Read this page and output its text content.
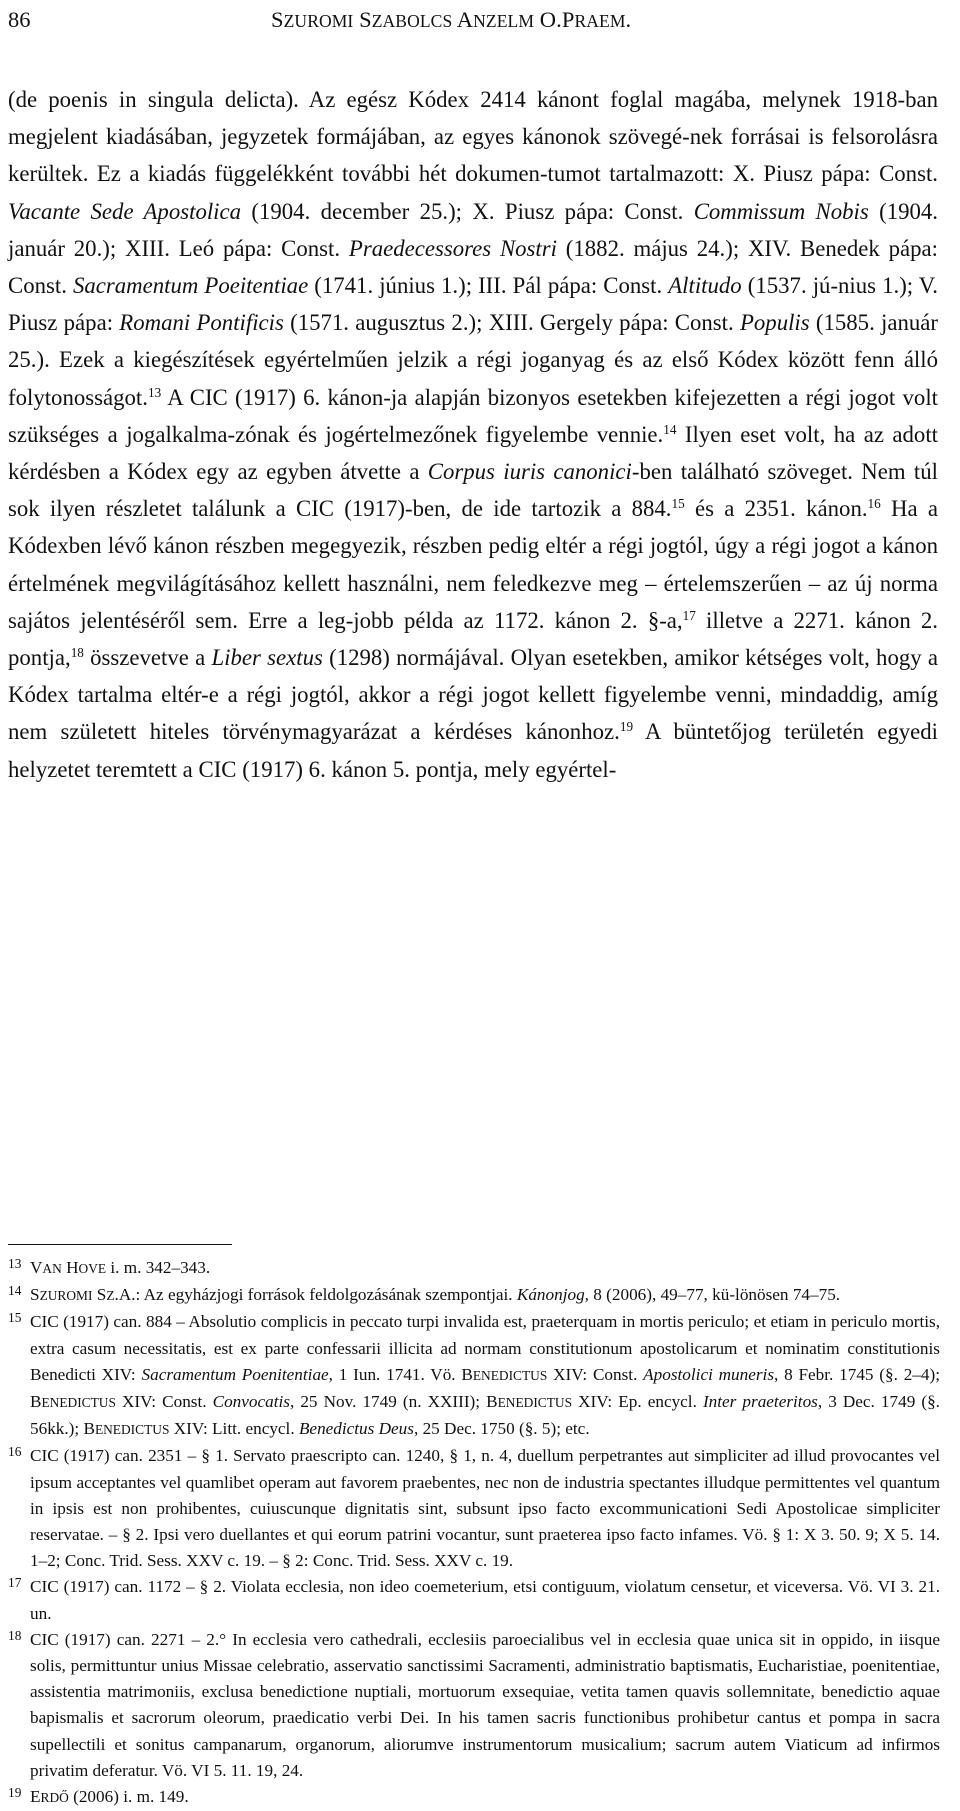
86	SZUROMI SZABOLCS ANZELM O.PRAEM.
(de poenis in singula delicta). Az egész Kódex 2414 kánont foglal magába, melynek 1918-ban megjelent kiadásában, jegyzetek formájában, az egyes kánonok szövegé-nek forrásai is felsorolásra kerültek. Ez a kiadás függelékként további hét dokumen-tumot tartalmazott: X. Piusz pápa: Const. Vacante Sede Apostolica (1904. december 25.); X. Piusz pápa: Const. Commissum Nobis (1904. január 20.); XIII. Leó pápa: Const. Praedecessores Nostri (1882. május 24.); XIV. Benedek pápa: Const. Sacramentum Poeitentiae (1741. június 1.); III. Pál pápa: Const. Altitudo (1537. jú-nius 1.); V. Piusz pápa: Romani Pontificis (1571. augusztus 2.); XIII. Gergely pápa: Const. Populis (1585. január 25.). Ezek a kiegészítések egyértelműen jelzik a régi joganyag és az első Kódex között fenn álló folytonosságot.$^{13}$ A CIC (1917) 6. kánon-ja alapján bizonyos esetekben kifejezetten a régi jogot volt szükséges a jogalkalma-zónak és jogértelmezőnek figyelembe vennie.$^{14}$ Ilyen eset volt, ha az adott kérdésben a Kódex egy az egyben átvette a Corpus iuris canonici-ben található szöveget. Nem túl sok ilyen részletet találunk a CIC (1917)-ben, de ide tartozik a 884.15 és a 2351. kánon.$^{16}$ Ha a Kódexben lévő kánon részben megegyezik, részben pedig eltér a régi jogtól, úgy a régi jogot a kánon értelmének megvilágításához kellett használni, nem feledkezve meg – értelemszerűen – az új norma sajátos jelentéséről sem. Erre a leg-jobb példa az 1172. kánon 2. §-a,$^{17}$ illetve a 2271. kánon 2. pontja,$^{18}$ összevetve a Liber sextus (1298) normájával. Olyan esetekben, amikor kétséges volt, hogy a Kódex tartalma eltér-e a régi jogtól, akkor a régi jogot kellett figyelembe venni, mindaddig, amíg nem született hiteles törvénymagyarázat a kérdéses kánonhoz.$^{19}$ A büntetőjog területén egyedi helyzetet teremtett a CIC (1917) 6. kánon 5. pontja, mely egyértel-

13 VAN HOVE i. m. 342–343.

14 SZUROMI SZ.A.: Az egyházjogi források feldolgozásának szempontjai. Kánonjog, 8 (2006), 49–77, kü-lönösen 74–75.

15 CIC (1917) can. 884 – Absolutio complicis in peccato turpi invalida est, praeterquam in mortis periculo; et etiam in periculo mortis, extra casum necessitatis, est ex parte confessarii illicita ad normam constitutionum apostolicarum et nominatim constitutionis Benedicti XIV: Sacramentum Poenitentiae, 1 Iun. 1741. Vö. BENEDICTUS XIV: Const. Apostolici muneris, 8 Febr. 1745 (§. 2–4); BENEDICTUS XIV: Const. Convocatis, 25 Nov. 1749 (n. XXIII); BENEDICTUS XIV: Ep. encycl. Inter praeteritos, 3 Dec. 1749 (§. 56kk.); BENEDICTUS XIV: Litt. encycl. Benedictus Deus, 25 Dec. 1750 (§. 5); etc.

16 CIC (1917) can. 2351 – § 1. Servato praescripto can. 1240, § 1, n. 4, duellum perpetrantes aut simpliciter ad illud provocantes vel ipsum acceptantes vel quamlibet operam aut favorem praebentes, nec non de industria spectantes illudque permittentes vel quantum in ipsis est non prohibentes, cuiuscunque dignitatis sint, subsunt ipso facto excommunicationi Sedi Apostolicae simpliciter reservatae. – § 2. Ipsi vero duellantes et qui eorum patrini vocantur, sunt praeterea ipso facto infames. Vö. § 1: X 3. 50. 9; X 5. 14. 1–2; Conc. Trid. Sess. XXV c. 19. – § 2: Conc. Trid. Sess. XXV c. 19.

17 CIC (1917) can. 1172 – § 2. Violata ecclesia, non ideo coemeterium, etsi contiguum, violatum censetur, et viceversa. Vö. VI 3. 21. un.

18 CIC (1917) can. 2271 – 2.° In ecclesia vero cathedrali, ecclesiis paroecialibus vel in ecclesia quae unica sit in oppido, in iisque solis, permittuntur unius Missae celebratio, asservatio sanctissimi Sacramenti, administratio baptismatis, Eucharistiae, poenitentiae, assistentia matrimoniis, exclusa benedictione nuptiali, mortuorum exsequiae, vetita tamen quavis sollemnitate, benedictio aquae bapismalis et sacrorum oleorum, praedicatio verbi Dei. In his tamen sacris functionibus prohibetur cantus et pompa in sacra supellectili et sonitus campanarum, organorum, aliorumve instrumentorum musicalium; sacrum autem Viaticum ad infirmos privatim deferatur. Vö. VI 5. 11. 19, 24.

19 ERDŐ (2006) i. m. 149.
